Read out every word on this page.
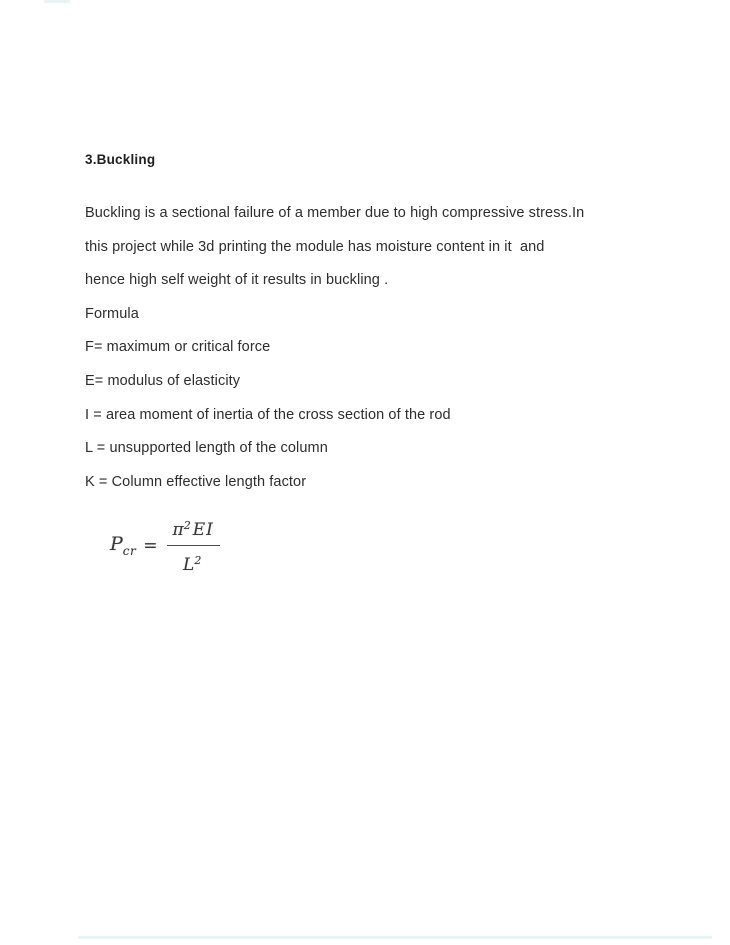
3.Buckling
Buckling is a sectional failure of a member due to high compressive stress.In
this project while 3d printing the module has moisture content in it  and
hence high self weight of it results in buckling .
Formula
F= maximum or critical force
E= modulus of elasticity
I = area moment of inertia of the cross section of the rod
L = unsupported length of the column
K = Column effective length factor
$P_{cr} = \frac{\pi^2 EI}{L^2}$
